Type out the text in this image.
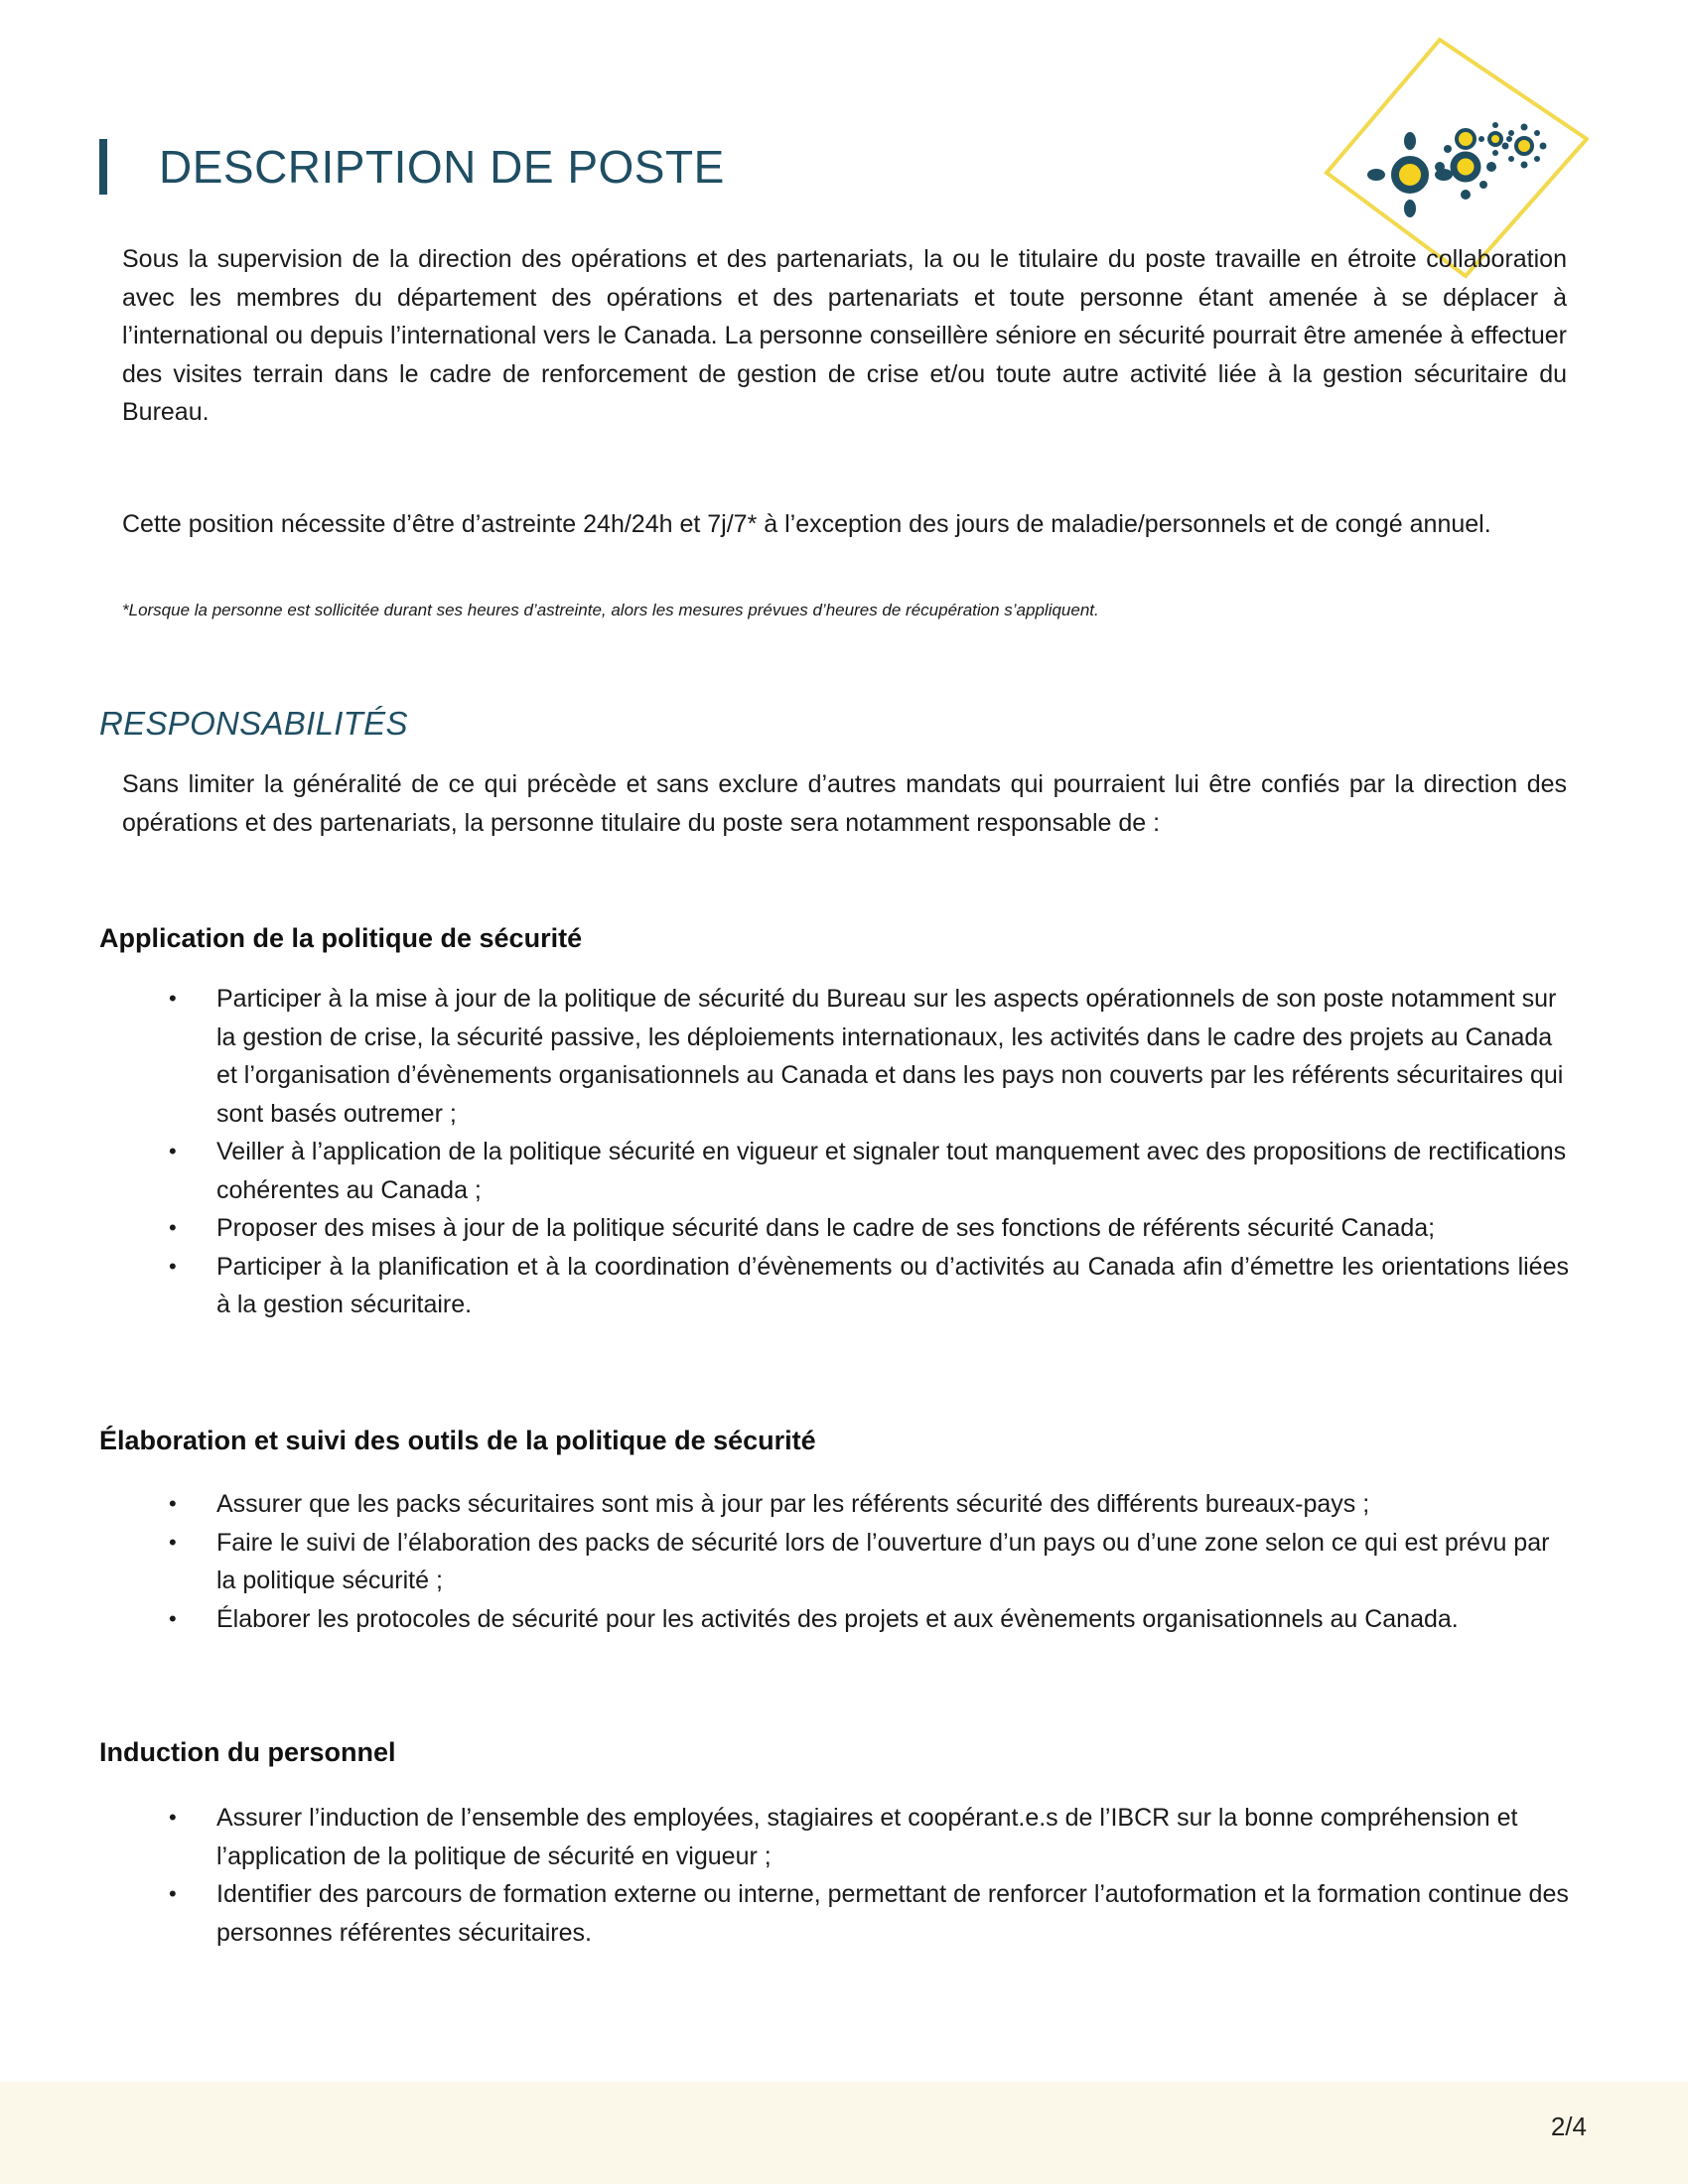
DESCRIPTION DE POSTE
Sous la supervision de la direction des opérations et des partenariats, la ou le titulaire du poste travaille en étroite collaboration avec les membres du département des opérations et des partenariats et toute personne étant amenée à se déplacer à l’international ou depuis l’international vers le Canada. La personne conseillère séniore en sécurité pourrait être amenée à effectuer des visites terrain dans le cadre de renforcement de gestion de crise et/ou toute autre activité liée à la gestion sécuritaire du Bureau.
Cette position nécessite d’être d’astreinte 24h/24h et 7j/7* à l’exception des jours de maladie/personnels et de congé annuel.
*Lorsque la personne est sollicitée durant ses heures d’astreinte, alors les mesures prévues d’heures de récupération s’appliquent.
RESPONSABILITÉS
Sans limiter la généralité de ce qui précède et sans exclure d’autres mandats qui pourraient lui être confiés par la direction des opérations et des partenariats, la personne titulaire du poste sera notamment responsable de :
Application de la politique de sécurité
• Participer à la mise à jour de la politique de sécurité du Bureau sur les aspects opérationnels de son poste notamment sur la gestion de crise, la sécurité passive, les déploiements internationaux, les activités dans le cadre des projets au Canada et l’organisation d’évènements organisationnels au Canada et dans les pays non couverts par les référents sécuritaires qui sont basés outremer ;
• Veiller à l’application de la politique sécurité en vigueur et signaler tout manquement avec des propositions de rectifications cohérentes au Canada ;
• Proposer des mises à jour de la politique sécurité dans le cadre de ses fonctions de référents sécurité Canada;
• Participer à la planification et à la coordination d’évènements ou d’activités au Canada afin d’émettre les orientations liées à la gestion sécuritaire.
Élaboration et suivi des outils de la politique de sécurité
• Assurer que les packs sécuritaires sont mis à jour par les référents sécurité des différents bureaux-pays ;
• Faire le suivi de l’élaboration des packs de sécurité lors de l’ouverture d’un pays ou d’une zone selon ce qui est prévu par la politique sécurité ;
• Élaborer les protocoles de sécurité pour les activités des projets et aux évènements organisationnels au Canada.
Induction du personnel
• Assurer l’induction de l’ensemble des employées, stagiaires et coopérant.e.s de l’IBCR sur la bonne compréhension et l’application de la politique de sécurité en vigueur ;
• Identifier des parcours de formation externe ou interne, permettant de renforcer l’autoformation et la formation continue des personnes référentes sécuritaires.
2/4
